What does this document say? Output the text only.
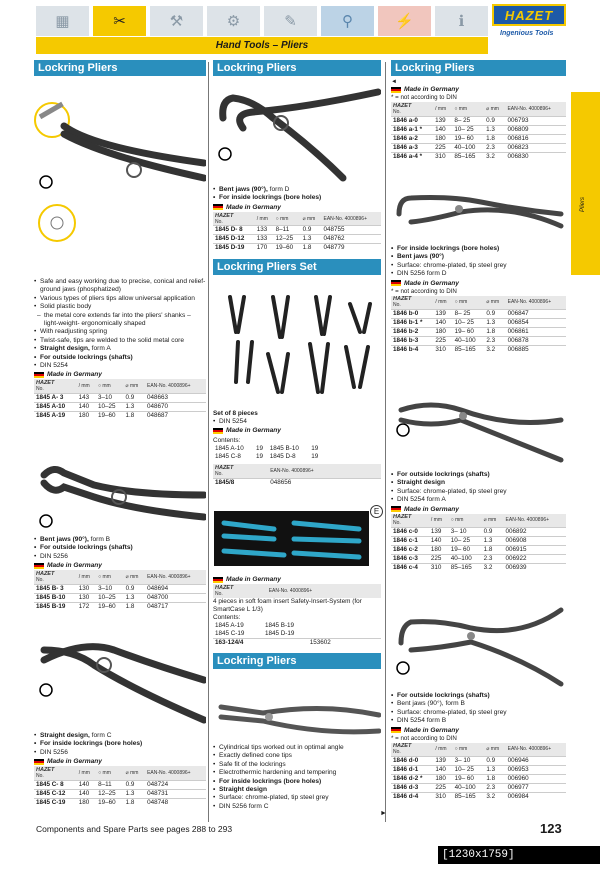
▦	✂	⚒	⚙	✎	⚲	⚡	ℹ	HAZET
Ingenious Tools
Hand Tools – Pliers
Pliers
Lockring Pliers
• Safe and easy working due to precise, conical and relief-ground jaws (phosphatized)
• Various types of pliers tips allow universal application
• Solid plastic body
– the metal core extends far into the pliers' shanks – light-weight- ergonomically shaped
• With readjusting spring
• Twist-safe, tips are welded to the solid metal core
• Straight design, form A
• For outside lockrings (shafts)
• DIN 5254
Made in Germany
HAZET
No.	/ mm	○ mm	⌀ mm	EAN-No. 4000896+
1845 A- 3	143	3–10	0.9	048663
1845 A-10	140	10–25	1.3	048670
1845 A-19	180	19–60	1.8	048687
• Bent jaws (90°), form B
• For outside lockrings (shafts)
• DIN 5256
Made in Germany
HAZET
No.	/ mm	○ mm	⌀ mm	EAN-No. 4000896+
1845 B- 3	130	3–10	0.9	048694
1845 B-10	130	10–25	1.3	048700
1845 B-19	172	19–60	1.8	048717
• Straight design, form C
• For inside lockrings (bore holes)
• DIN 5256
Made in Germany
HAZET
No.	/ mm	○ mm	⌀ mm	EAN-No. 4000896+
1845 C- 8	140	8–11	0.9	048724
1845 C-12	140	12–25	1.3	048731
1845 C-19	180	19–60	1.8	048748
Lockring Pliers
• Bent jaws (90°), form D
• For inside lockrings (bore holes)
Made in Germany
HAZET
No.	/ mm	○ mm	⌀ mm	EAN-No. 4000896+
1845 D- 8	133	8–11	0.9	048755
1845 D-12	133	12–25	1.3	048762
1845 D-19	170	19–60	1.8	048779
Lockring Pliers Set
Set of 8 pieces
• DIN 5254
Made in Germany
Contents:
1845 A-10	19	1845 B-10	19
1845 C-8	19	1845 D-8	19
HAZET
No.	EAN-No. 4000896+
1845/8	048656
E
Made in Germany
HAZET
No.	EAN-No. 4000896+
4 pieces in soft foam insert Safety-Insert-System (for SmartCase L 1/3)
Contents:
1845 A-19	1845 B-19
1845 C-19	1845 D-19
163-124/4	153602
Lockring Pliers
• Cylindrical tips worked out in optimal angle
• Exactly defined cone tips
• Safe fit of the lockrings
• Electrothermic hardening and tempering
• For inside lockrings (bore holes)
• Straight design
• Surface: chrome-plated, tip steel grey
• DIN 5256 form C
►
Lockring Pliers
◄
Made in Germany
* = not according to DIN
HAZET
No.	/ mm	○ mm	⌀ mm	EAN-No. 4000896+
1846 a-0	139	8– 25	0.9	006793
1846 a-1 *	140	10– 25	1.3	006809
1846 a-2	180	19– 60	1.8	006816
1846 a-3	225	40–100	2.3	006823
1846 a-4 *	310	85–165	3.2	006830
• For inside lockrings (bore holes)
• Bent jaws (90°)
• Surface: chrome-plated, tip steel grey
• DIN 5256 form D
Made in Germany
* = not according to DIN
HAZET
No.	/ mm	○ mm	⌀ mm	EAN-No. 4000896+
1846 b-0	139	8– 25	0.9	006847
1846 b-1 *	140	10– 25	1.3	006854
1846 b-2	180	19– 60	1.8	006861
1846 b-3	225	40–100	2.3	006878
1846 b-4	310	85–165	3.2	006885
• For outside lockrings (shafts)
• Straight design
• Surface: chrome-plated, tip steel grey
• DIN 5254 form A
Made in Germany
HAZET
No.	/ mm	○ mm	⌀ mm	EAN-No. 4000896+
1846 c-0	139	3– 10	0.9	006892
1846 c-1	140	10– 25	1.3	006908
1846 c-2	180	19– 60	1.8	006915
1846 c-3	225	40–100	2.3	006922
1846 c-4	310	85–165	3.2	006939
• For outside lockrings (shafts)
• Bent jaws (90°), form B
• Surface: chrome-plated, tip steel grey
• DIN 5254 form B
Made in Germany
* = not according to DIN
HAZET
No.	/ mm	○ mm	⌀ mm	EAN-No. 4000896+
1846 d-0	139	3– 10	0.9	006946
1846 d-1	140	10– 25	1.3	006953
1846 d-2 *	180	19– 60	1.8	006960
1846 d-3	225	40–100	2.3	006977
1846 d-4	310	85–165	3.2	006984
Components and Spare Parts see pages 288 to 293	123
[1230x1759] http://upic.me/
